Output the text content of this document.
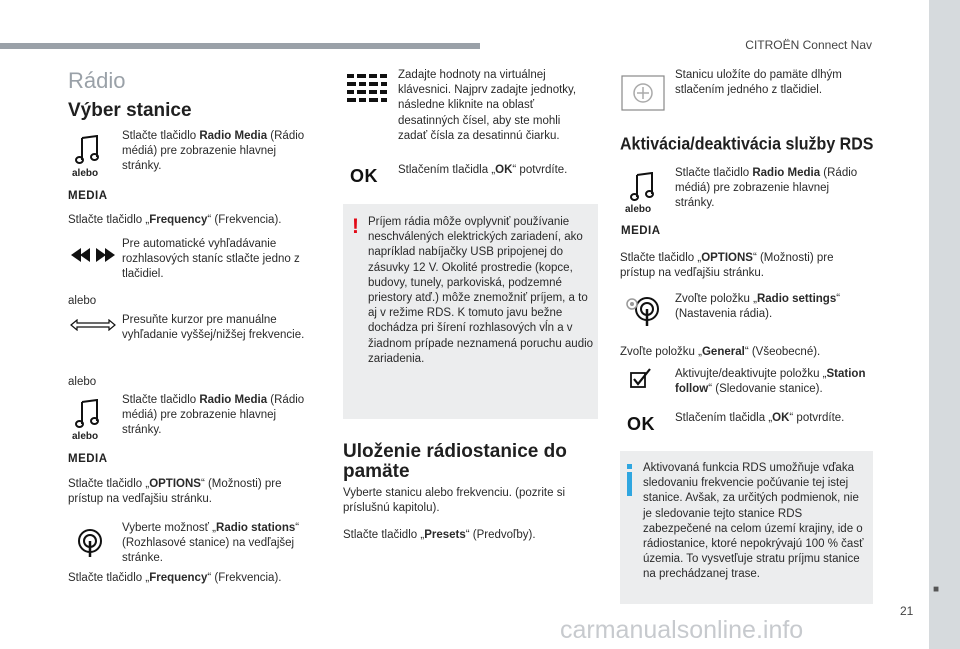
CITROËN Connect Nav
■
21
carmanualsonline.info
Rádio
Výber stanice
alebo
MEDIA
Stlačte tlačidlo Radio Media (Rádio médiá) pre zobrazenie hlavnej stránky.
Stlačte tlačidlo „Frequency“ (Frekvencia).
Pre automatické vyhľadávanie rozhlasových staníc stlačte jedno z tlačidiel.
alebo
Presuňte kurzor pre manuálne vyhľadanie vyššej/nižšej frekvencie.
alebo
alebo
MEDIA
Stlačte tlačidlo Radio Media (Rádio médiá) pre zobrazenie hlavnej stránky.
Stlačte tlačidlo „OPTIONS“ (Možnosti) pre prístup na vedľajšiu stránku.
Vyberte možnosť „Radio stations“ (Rozhlasové stanice) na vedľajšej stránke.
Stlačte tlačidlo „Frequency“ (Frekvencia).
Zadajte hodnoty na virtuálnej klávesnici. Najprv zadajte jednotky, následne kliknite na oblasť desatinných čísel, aby ste mohli zadať čísla za desatinnú čiarku.
OK Stlačením tlačidla „OK“ potvrdíte.
! Príjem rádia môže ovplyvniť používanie neschválených elektrických zariadení, ako napríklad nabíjačky USB pripojenej do zásuvky 12 V. Okolité prostredie (kopce, budovy, tunely, parkoviská, podzemné priestory atď.) môže znemožniť príjem, a to aj v režime RDS. K tomuto javu bežne dochádza pri šírení rozhlasových vĺn a v žiadnom prípade neznamená poruchu audio zariadenia.
Uloženie rádiostanice do pamäte
Vyberte stanicu alebo frekvenciu. (pozrite si príslušnú kapitolu).
Stlačte tlačidlo „Presets“ (Predvoľby).
Stanicu uložíte do pamäte dlhým stlačením jedného z tlačidiel.
Aktivácia/deaktivácia služby RDS
alebo
MEDIA
Stlačte tlačidlo Radio Media (Rádio médiá) pre zobrazenie hlavnej stránky.
Stlačte tlačidlo „OPTIONS“ (Možnosti) pre prístup na vedľajšiu stránku.
Zvoľte položku „Radio settings“ (Nastavenia rádia).
Zvoľte položku „General“ (Všeobecné).
Aktivujte/deaktivujte položku „Station follow“ (Sledovanie stanice).
OK Stlačením tlačidla „OK“ potvrdíte.
Aktivovaná funkcia RDS umožňuje vďaka sledovaniu frekvencie počúvanie tej istej stanice. Avšak, za určitých podmienok, nie je sledovanie tejto stanice RDS zabezpečené na celom území krajiny, ide o rádiostanice, ktoré nepokrývajú 100 % časť územia. To vysvetľuje stratu príjmu stanice na prechádzanej trase.
